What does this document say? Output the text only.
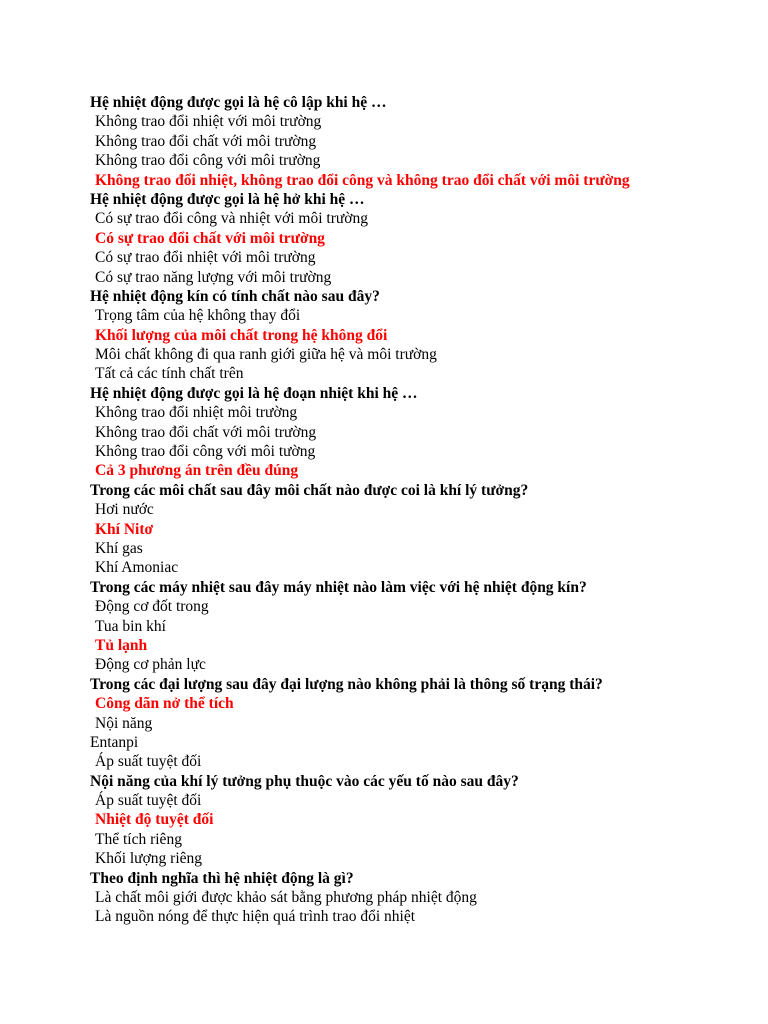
Hệ nhiệt động được gọi là hệ cô lập khi hệ …
Không trao đổi nhiệt với môi trường
Không trao đổi chất với môi trường
Không trao đổi công với môi trường
Không trao đổi nhiệt, không trao đổi công và không trao đổi chất với môi trường
Hệ nhiệt động được gọi là hệ hở khi hệ …
Có sự trao đổi công và nhiệt với môi trường
Có sự trao đổi chất với môi trường
Có sự trao đổi nhiệt với môi trường
Có sự trao năng lượng với môi trường
Hệ nhiệt động kín có tính chất nào sau đây?
Trọng tâm của hệ không thay đổi
Khối lượng của môi chất trong hệ không đổi
Môi chất không đi qua ranh giới giữa hệ và môi trường
Tất cả các tính chất trên
Hệ nhiệt động được gọi là hệ đoạn nhiệt khi hệ …
Không trao đổi nhiệt môi trường
Không trao đổi chất với môi trường
Không trao đổi công với môi tường
Cả 3 phương án trên đều đúng
Trong các môi chất sau đây môi chất nào được coi là khí lý tưởng?
Hơi nước
Khí Nitơ
Khí gas
Khí Amoniac
Trong các máy nhiệt sau đây máy nhiệt nào làm việc với hệ nhiệt động kín?
Động cơ đốt trong
Tua bin khí
Tủ lạnh
Động cơ phản lực
Trong các đại lượng sau đây đại lượng nào không phải là thông số trạng thái?
Công dãn nở thể tích
Nội năng
Entanpi
Áp suất tuyệt đối
Nội năng của khí lý tưởng phụ thuộc vào các yếu tố nào sau đây?
Áp suất tuyệt đối
Nhiệt độ tuyệt đối
Thể tích riêng
Khối lượng riêng
Theo định nghĩa thì hệ nhiệt động là gì?
Là chất môi giới được khảo sát bằng phương pháp nhiệt động
Là nguồn nóng để thực hiện quá trình trao đổi nhiệt
